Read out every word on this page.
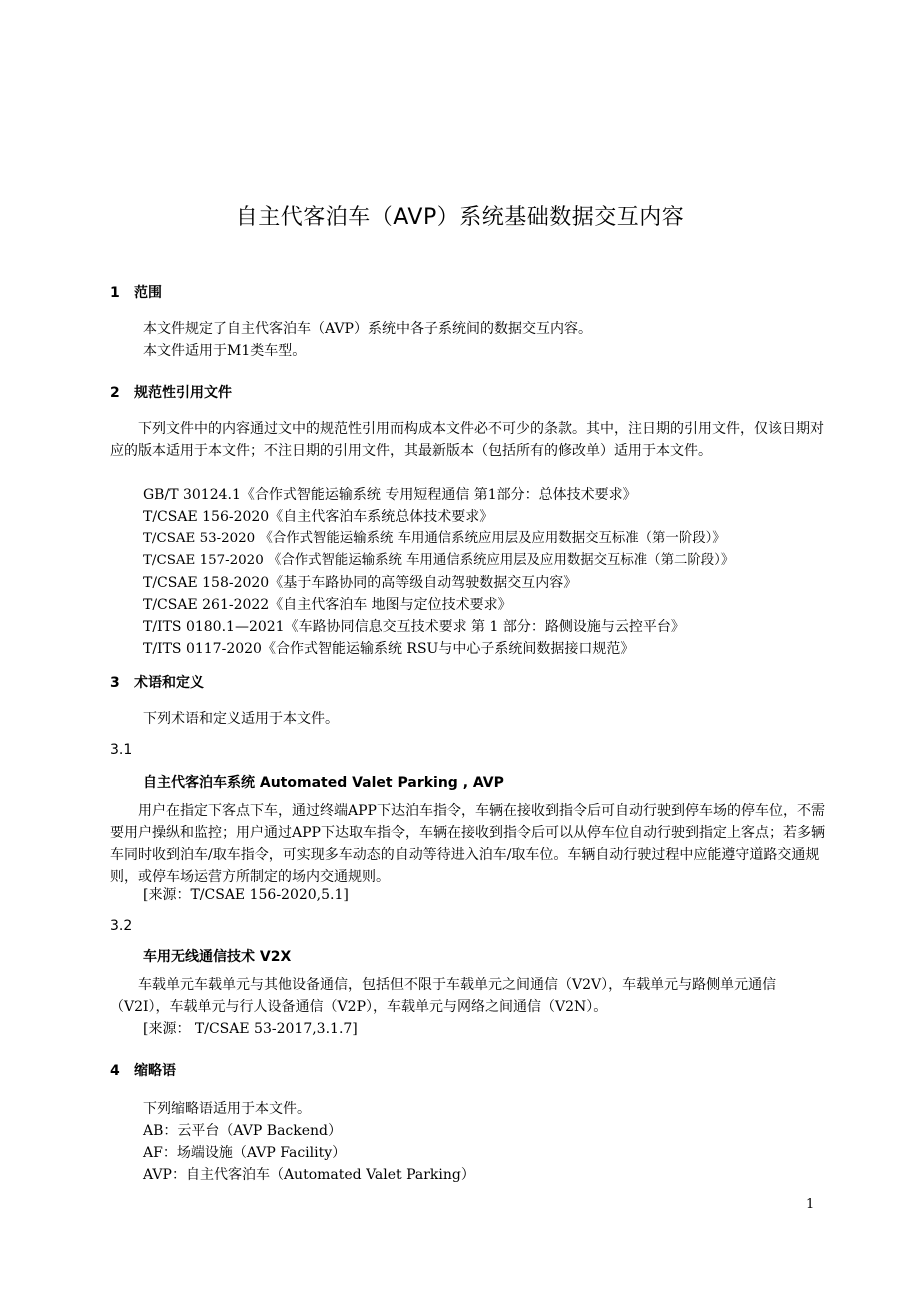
自主代客泊车（AVP）系统基础数据交互内容
1 范围
本文件规定了自主代客泊车（AVP）系统中各子系统间的数据交互内容。
本文件适用于M1类车型。
2 规范性引用文件
下列文件中的内容通过文中的规范性引用而构成本文件必不可少的条款。其中，注日期的引用文件，仅该日期对应的版本适用于本文件；不注日期的引用文件，其最新版本（包括所有的修改单）适用于本文件。
GB/T 30124.1《合作式智能运输系统 专用短程通信 第1部分：总体技术要求》
T/CSAE 156-2020《自主代客泊车系统总体技术要求》
T/CSAE 53-2020 《合作式智能运输系统 车用通信系统应用层及应用数据交互标准（第一阶段）》
T/CSAE 157-2020 《合作式智能运输系统 车用通信系统应用层及应用数据交互标准（第二阶段）》
T/CSAE 158-2020《基于车路协同的高等级自动驾驶数据交互内容》
T/CSAE 261-2022《自主代客泊车 地图与定位技术要求》
T/ITS 0180.1—2021《车路协同信息交互技术要求 第 1 部分：路侧设施与云控平台》
T/ITS 0117-2020《合作式智能运输系统 RSU与中心子系统间数据接口规范》
3 术语和定义
下列术语和定义适用于本文件。
3.1
自主代客泊车系统 Automated Valet Parking , AVP
用户在指定下客点下车，通过终端APP下达泊车指令，车辆在接收到指令后可自动行驶到停车场的停车位，不需要用户操纵和监控；用户通过APP下达取车指令，车辆在接收到指令后可以从停车位自动行驶到指定上客点；若多辆车同时收到泊车/取车指令，可实现多车动态的自动等待进入泊车/取车位。车辆自动行驶过程中应能遵守道路交通规则，或停车场运营方所制定的场内交通规则。
[来源：T/CSAE 156-2020,5.1]
3.2
车用无线通信技术 V2X
车载单元车载单元与其他设备通信，包括但不限于车载单元之间通信（V2V），车载单元与路侧单元通信（V2I），车载单元与行人设备通信（V2P），车载单元与网络之间通信（V2N）。
[来源： T/CSAE 53-2017,3.1.7]
4 缩略语
下列缩略语适用于本文件。
AB：云平台（AVP Backend）
AF：场端设施（AVP Facility）
AVP：自主代客泊车（Automated Valet Parking）
1
